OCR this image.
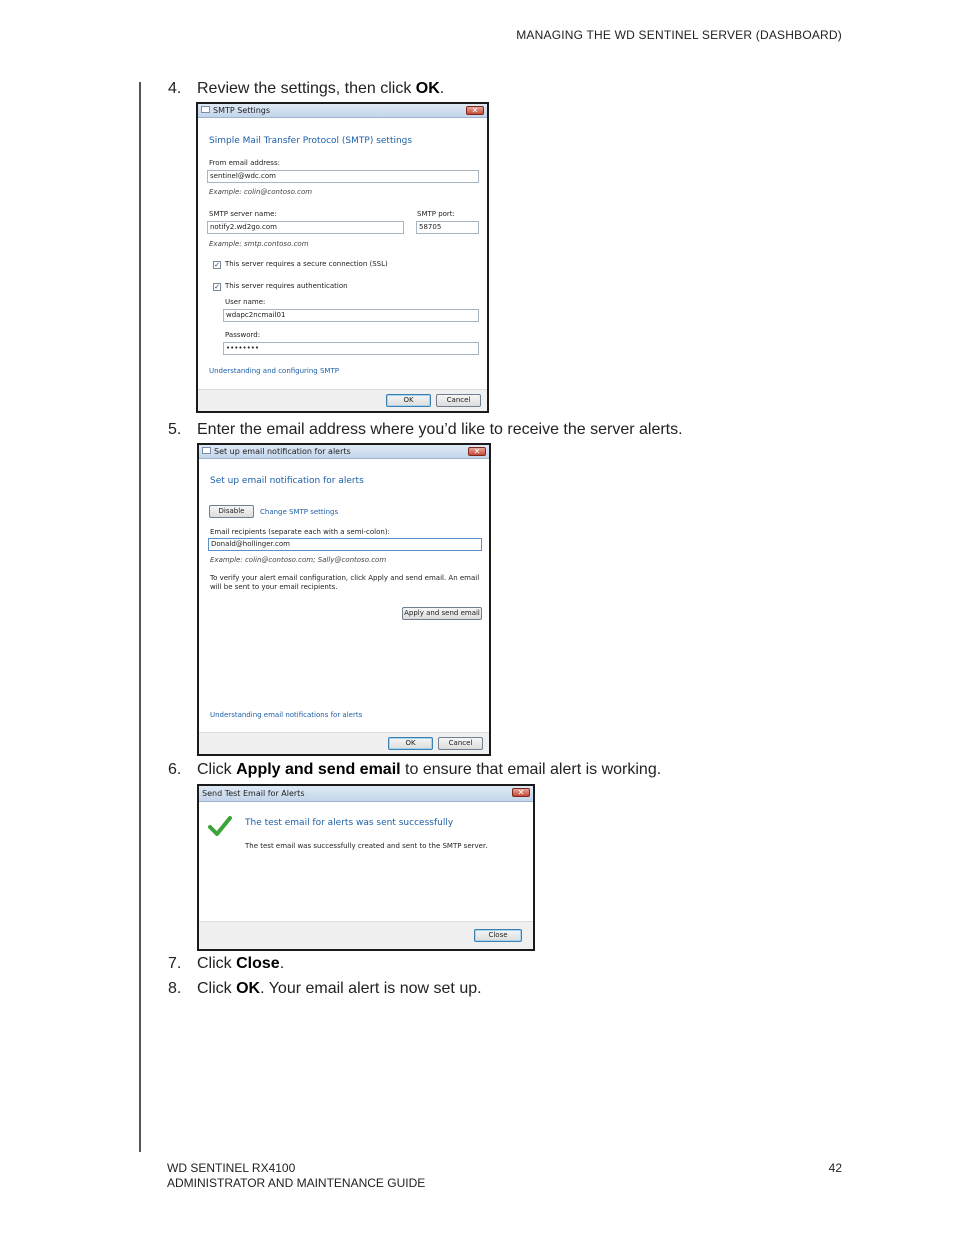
MANAGING THE WD SENTINEL SERVER (DASHBOARD)
4. Review the settings, then click OK.
SMTP Settings	✕
Simple Mail Transfer Protocol (SMTP) settings
From email address:
sentinel@wdc.com
Example: colin@contoso.com
SMTP server name:
notify2.wd2go.com
SMTP port:
58705
Example: smtp.contoso.com
✓ This server requires a secure connection (SSL)
✓ This server requires authentication
User name:
wdapc2ncmail01
Password:
••••••••
Understanding and configuring SMTP
OK	Cancel
5. Enter the email address where you’d like to receive the server alerts.
Set up email notification for alerts	✕
Set up email notification for alerts
Disable	Change SMTP settings
Email recipients (separate each with a semi-colon):
Donald@hollinger.com
Example: colin@contoso.com; Sally@contoso.com
To verify your alert email configuration, click Apply and send email. An email will be sent to your email recipients.
Apply and send email
Understanding email notifications for alerts
OK	Cancel
6. Click Apply and send email to ensure that email alert is working.
Send Test Email for Alerts	✕
The test email for alerts was sent successfully
The test email was successfully created and sent to the SMTP server.
Close
7. Click Close.
8. Click OK. Your email alert is now set up.
WD SENTINEL RX4100
ADMINISTRATOR AND MAINTENANCE GUIDE
42
